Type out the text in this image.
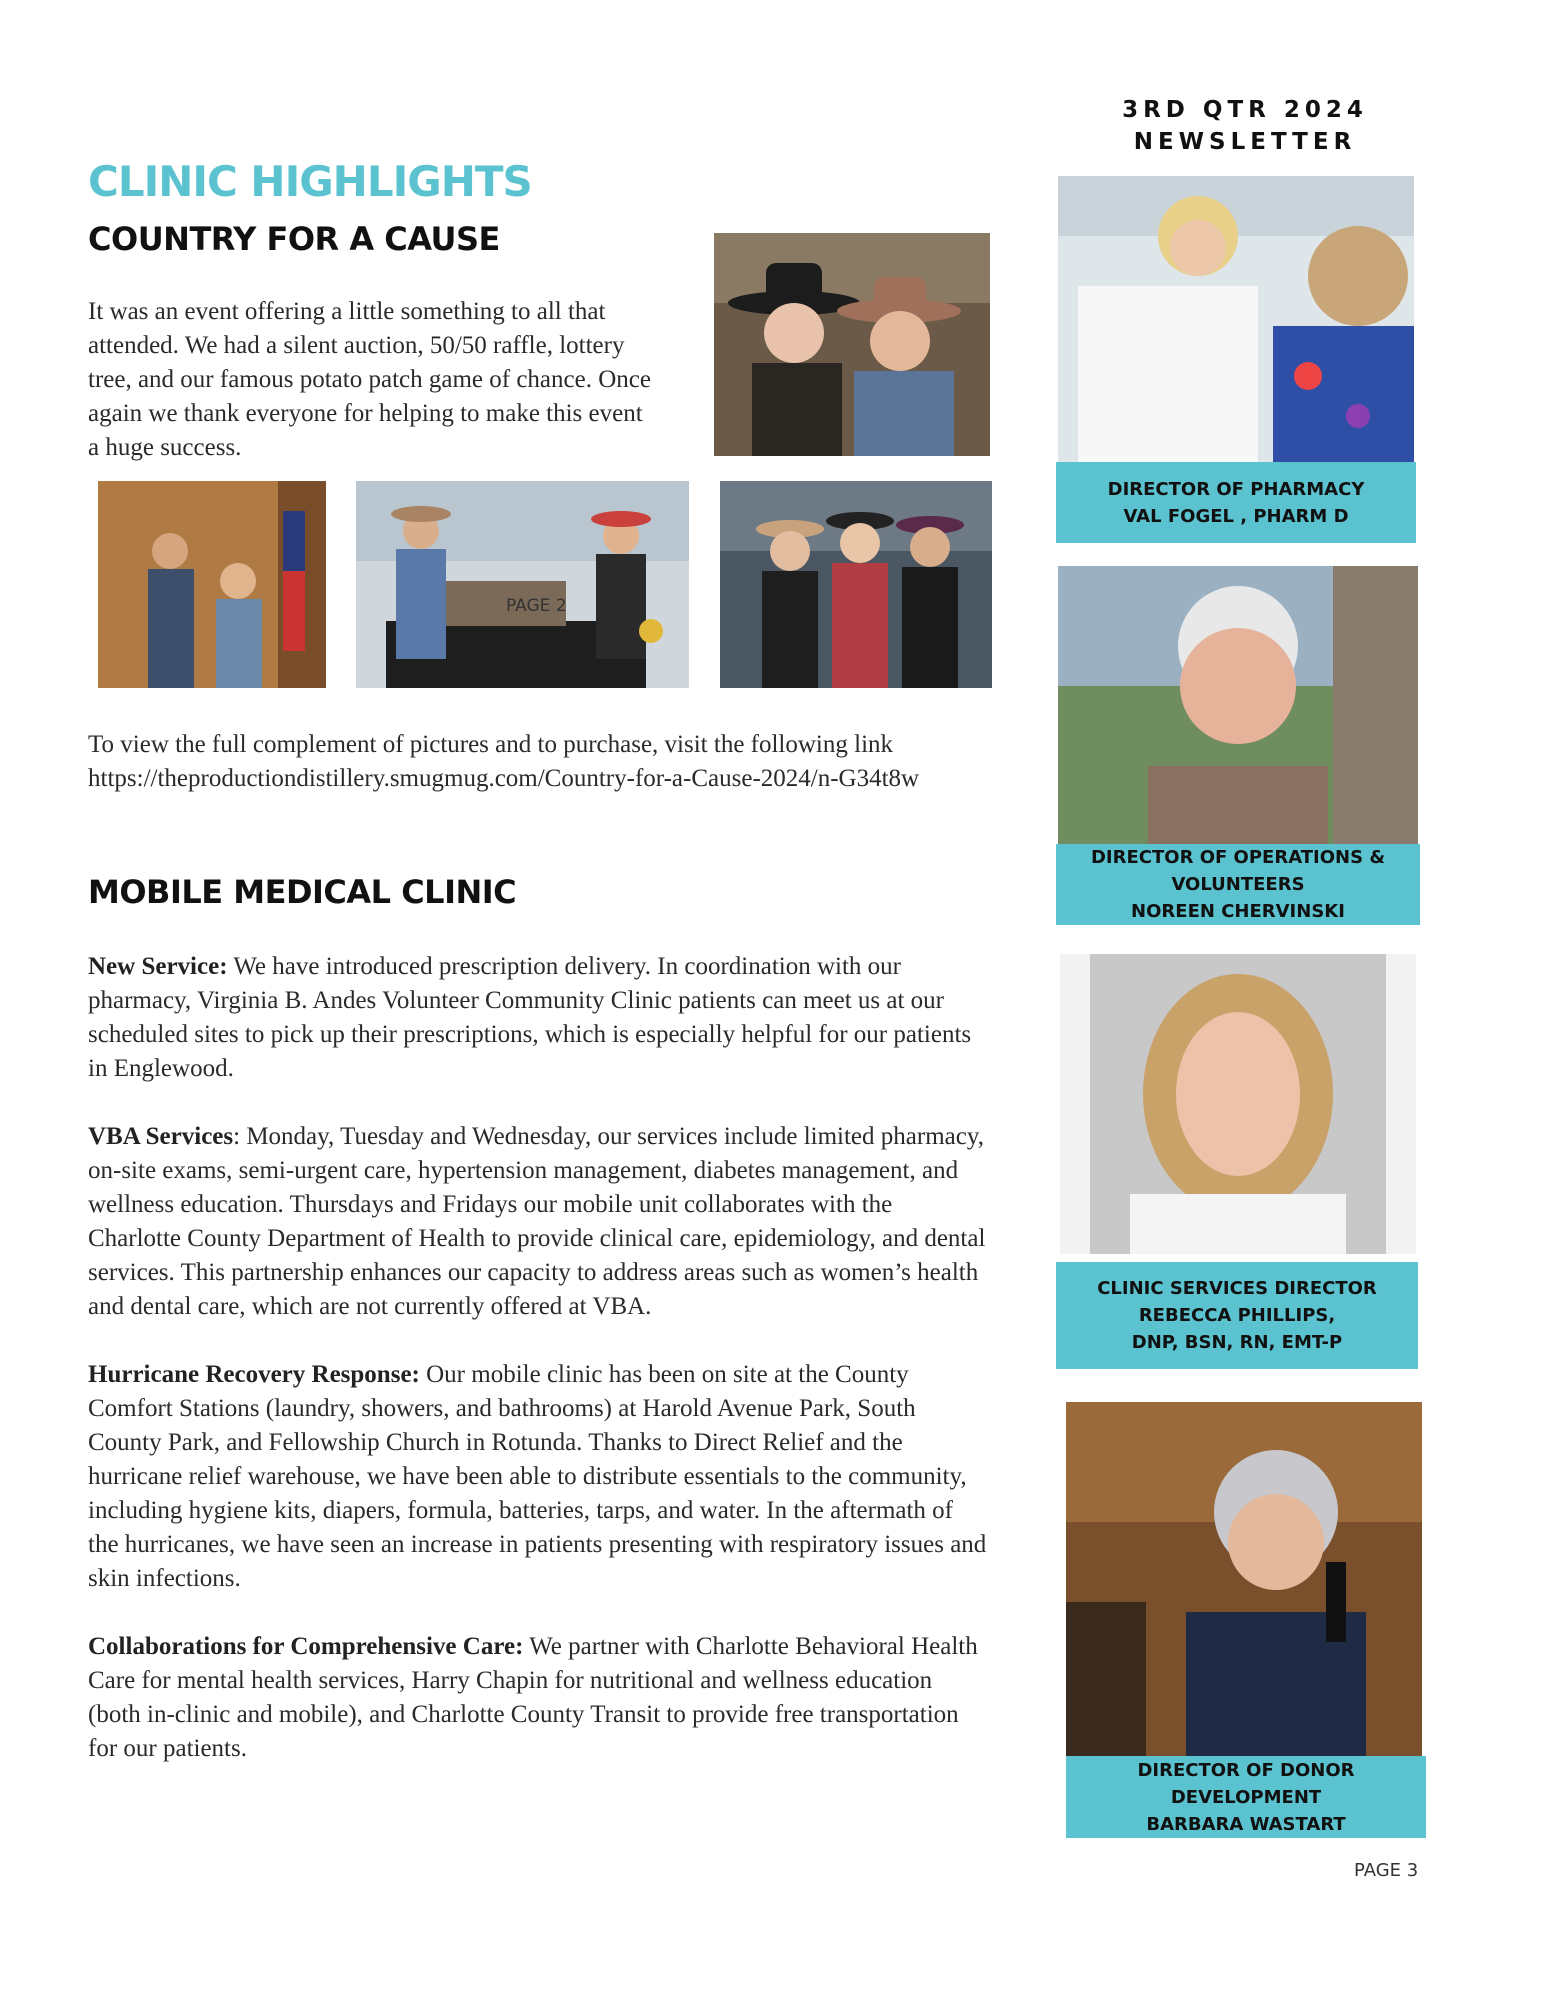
3RD QTR 2024
NEWSLETTER
CLINIC HIGHLIGHTS
COUNTRY FOR A CAUSE
It was an event offering a little something to all that attended. We had a silent auction, 50/50 raffle, lottery tree, and our famous potato patch game of chance. Once again we thank everyone for helping to make this event a huge success.
PAGE 2
To view the full complement of pictures and to purchase, visit the following link https://theproductiondistillery.smugmug.com/Country-for-a-Cause-2024/n-G34t8w
MOBILE MEDICAL CLINIC

New Service: We have introduced prescription delivery. In coordination with our pharmacy, Virginia B. Andes Volunteer Community Clinic patients can meet us at our scheduled sites to pick up their prescriptions, which is especially helpful for our patients in Englewood.

VBA Services: Monday, Tuesday and Wednesday, our services include limited pharmacy, on-site exams, semi-urgent care, hypertension management, diabetes management, and wellness education. Thursdays and Fridays our mobile unit collaborates with the Charlotte County Department of Health to provide clinical care, epidemiology, and dental services. This partnership enhances our capacity to address areas such as women’s health and dental care, which are not currently offered at VBA.

Hurricane Recovery Response: Our mobile clinic has been on site at the County Comfort Stations (laundry, showers, and bathrooms) at Harold Avenue Park, South County Park, and Fellowship Church in Rotunda. Thanks to Direct Relief and the hurricane relief warehouse, we have been able to distribute essentials to the community, including hygiene kits, diapers, formula, batteries, tarps, and water. In the aftermath of the hurricanes, we have seen an increase in patients presenting with respiratory issues and skin infections.

Collaborations for Comprehensive Care: We partner with Charlotte Behavioral Health Care for mental health services, Harry Chapin for nutritional and wellness education (both in-clinic and mobile), and Charlotte County Transit to provide free transportation for our patients.

DIRECTOR OF PHARMACY
VAL FOGEL , PHARM D
DIRECTOR OF OPERATIONS &
VOLUNTEERS
NOREEN CHERVINSKI
CLINIC SERVICES DIRECTOR
REBECCA PHILLIPS,
DNP, BSN, RN, EMT-P
DIRECTOR OF DONOR
DEVELOPMENT
BARBARA WASTART
PAGE 3
